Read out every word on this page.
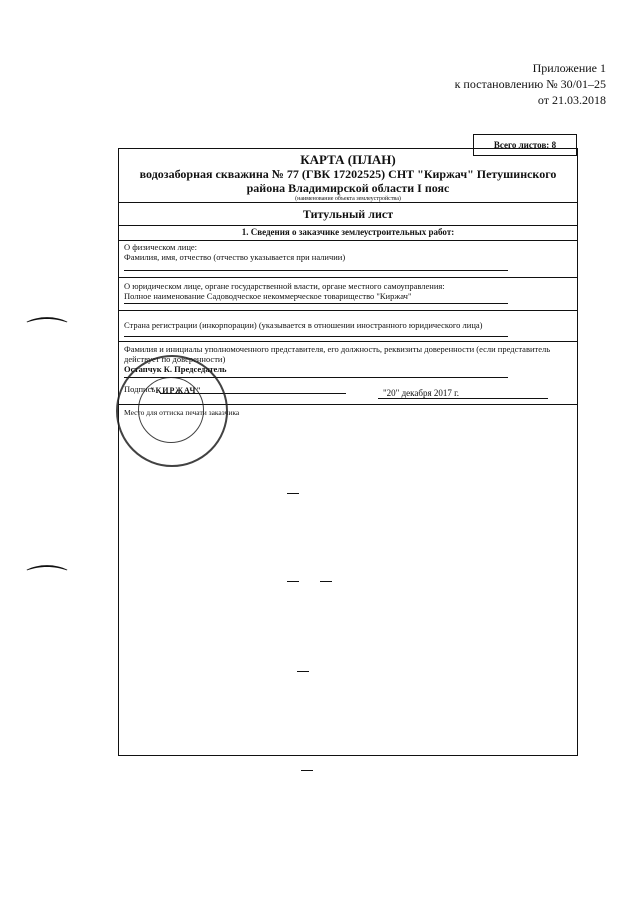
Приложение 1
к постановлению № 30/01–25
от 21.03.2018
Всего листов:
8
КАРТА (ПЛАН)
водозаборная скважина № 77 (ГВК 17202525) СНТ "Киржач" Петушинского района Владимирской области I пояс
(наименование объекта землеустройства)
Титульный лист
1. Сведения о заказчике землеустроительных работ:
О физическом лице:
Фамилия, имя, отчество (отчество указывается при наличии)
О юридическом лице, органе государственной власти, органе местного самоуправления:
Полное наименование Садоводческое некоммерческое товарищество "Киржач"
Страна регистрации (инкорпорации) (указывается в отношении иностранного юридического лица)
Фамилия и инициалы уполномоченного представителя, его должность, реквизиты доверенности (если представитель действует по доверенности)
Остапчук К. Председатель
Подпись	"20" декабря 2017 г.
Место для оттиска печати заказчика
"КИРЖАЧ"
⌒
⌒
